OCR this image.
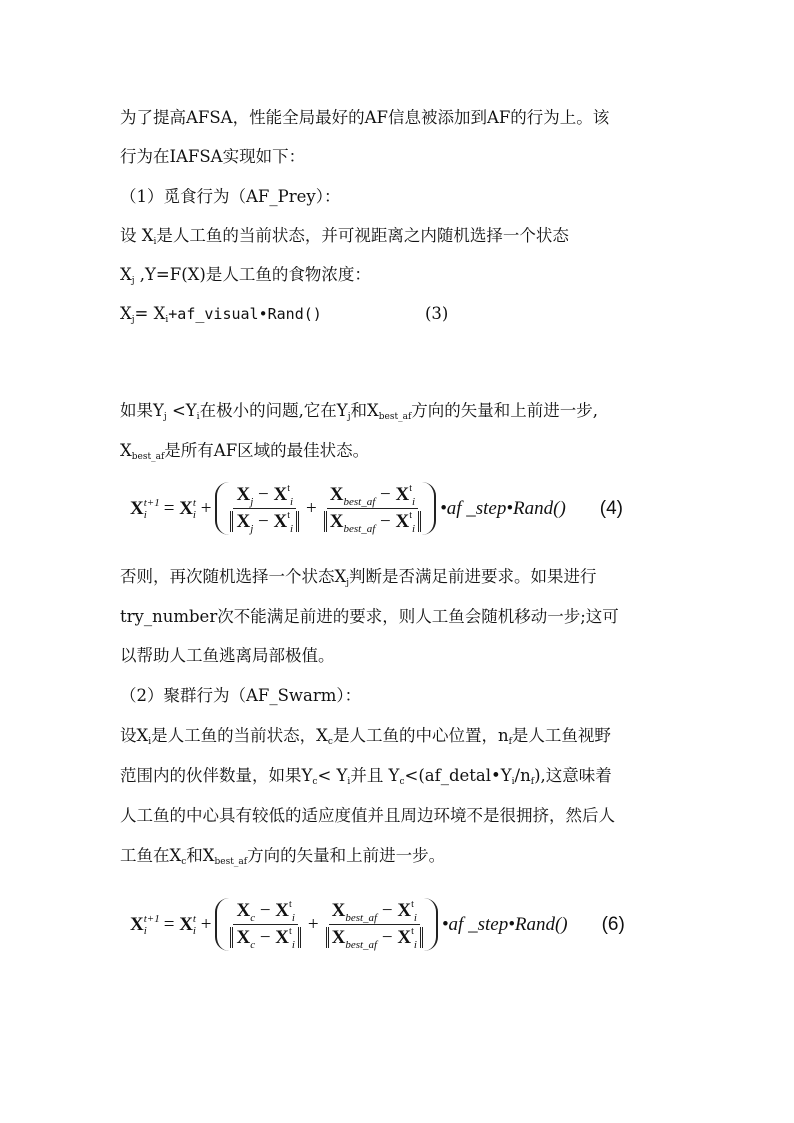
为了提高AFSA，性能全局最好的AF信息被添加到AF的行为上。该
行为在IAFSA实现如下：
（1）觅食行为（AF_Prey）：
设 $X_i$是人工鱼的当前状态，并可视距离之内随机选择一个状态
$X_j$ ,Y=F(X)是人工鱼的食物浓度：
$X_j=$ $X_i+af\_visual•Rand()$	(3)
如果$Y_j <Y_i$在极小的问题,它在$Y_j$和$X_{best\_af}$方向的矢量和上前进一步,
$X_{best\_af}$是所有AF区域的最佳状态。
X t+1
i =
X t
i
+ $\frac{X_j - X^t_i}{X_j - X^t_i} + \frac{X_{best\_af} - X^t_i}{X_{best\_af} - X^t_i}$ •af _step•Rand() (4)
否则，再次随机选择一个状态$X_j$判断是否满足前进要求。如果进行
try_number次不能满足前进的要求，则人工鱼会随机移动一步;这可
以帮助人工鱼逃离局部极值。
（2）聚群行为（AF_Swarm）：
设$X_i$是人工鱼的当前状态，$X_c$是人工鱼的中心位置，$n_f$是人工鱼视野
范围内的伙伴数量，如果$Y_c< Y_i$并且 $Y_c<(af\_detal•Y_i/n_f)$,这意味着
人工鱼的中心具有较低的适应度值并且周边环境不是很拥挤，然后人
工鱼在$X_c$和$X_{best\_af}$方向的矢量和上前进一步。
X t+1
i =
X t
i
+ $\frac{X_c - X^t_i}{X_c - X^t_i} + \frac{X_{best\_af} - X^t_i}{X_{best\_af} - X^t_i}$ •af _step•Rand() (6)
